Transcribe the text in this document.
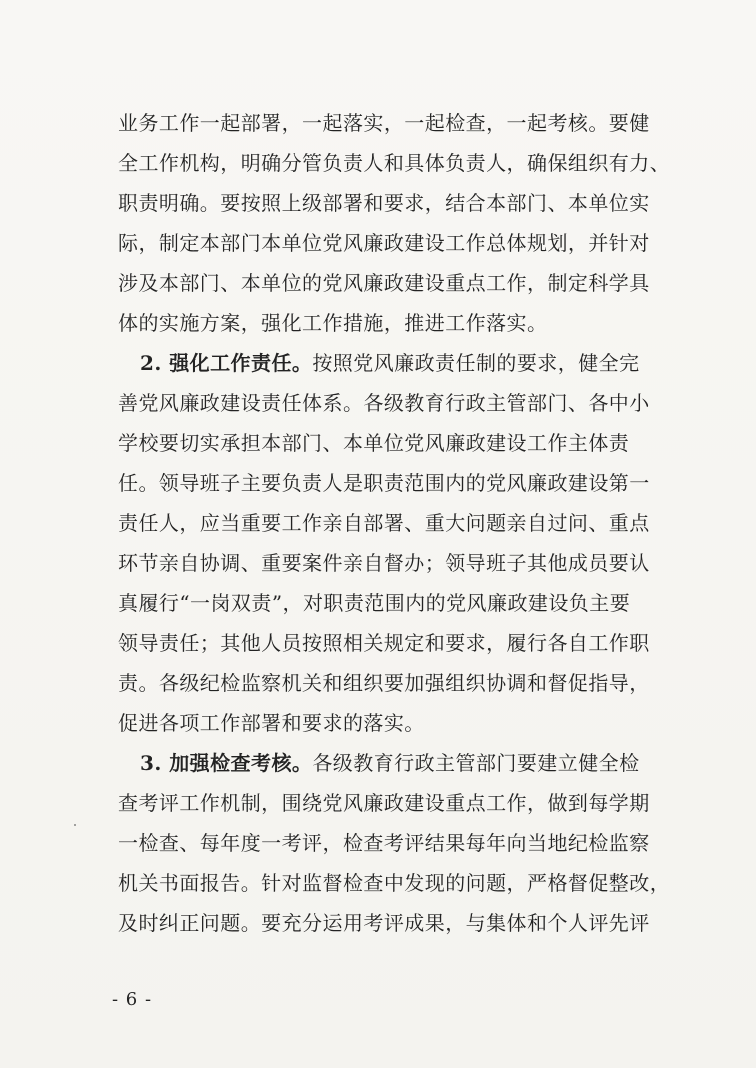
业务工作一起部署，一起落实，一起检查，一起考核。要健
全工作机构，明确分管负责人和具体负责人，确保组织有力、
职责明确。要按照上级部署和要求，结合本部门、本单位实
际，制定本部门本单位党风廉政建设工作总体规划，并针对
涉及本部门、本单位的党风廉政建设重点工作，制定科学具
体的实施方案，强化工作措施，推进工作落实。
2. 强化工作责任。按照党风廉政责任制的要求，健全完
善党风廉政建设责任体系。各级教育行政主管部门、各中小
学校要切实承担本部门、本单位党风廉政建设工作主体责
任。领导班子主要负责人是职责范围内的党风廉政建设第一
责任人，应当重要工作亲自部署、重大问题亲自过问、重点
环节亲自协调、重要案件亲自督办；领导班子其他成员要认
真履行“一岗双责”，对职责范围内的党风廉政建设负主要
领导责任；其他人员按照相关规定和要求，履行各自工作职
责。各级纪检监察机关和组织要加强组织协调和督促指导，
促进各项工作部署和要求的落实。
3. 加强检查考核。各级教育行政主管部门要建立健全检
查考评工作机制，围绕党风廉政建设重点工作，做到每学期
一检查、每年度一考评，检查考评结果每年向当地纪检监察
机关书面报告。针对监督检查中发现的问题，严格督促整改，
及时纠正问题。要充分运用考评成果，与集体和个人评先评
- 6 -
